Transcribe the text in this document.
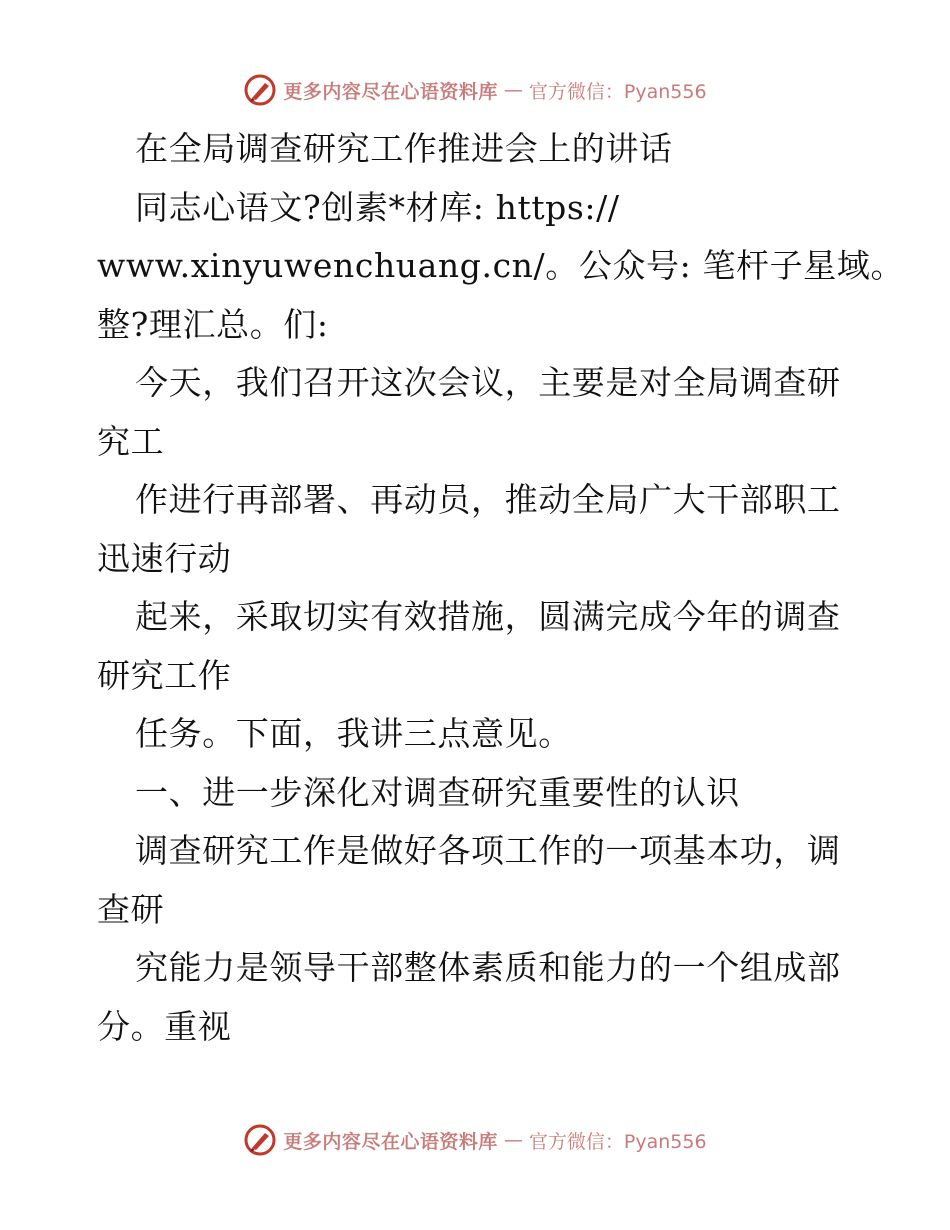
更多内容尽在心语资料库 — 官方微信：Pyan556
在全局调查研究工作推进会上的讲话
同志心语文?创素*材库: https://
www.xinyuwenchuang.cn/。公众号: 笔杆子星域。
整?理汇总。们:
今天，我们召开这次会议，主要是对全局调查研
究工
作进行再部署、再动员，推动全局广大干部职工
迅速行动
起来，采取切实有效措施，圆满完成今年的调查
研究工作
任务。下面，我讲三点意见。
一、进一步深化对调查研究重要性的认识
调查研究工作是做好各项工作的一项基本功，调
查研
究能力是领导干部整体素质和能力的一个组成部
分。重视
更多内容尽在心语资料库 — 官方微信：Pyan556
